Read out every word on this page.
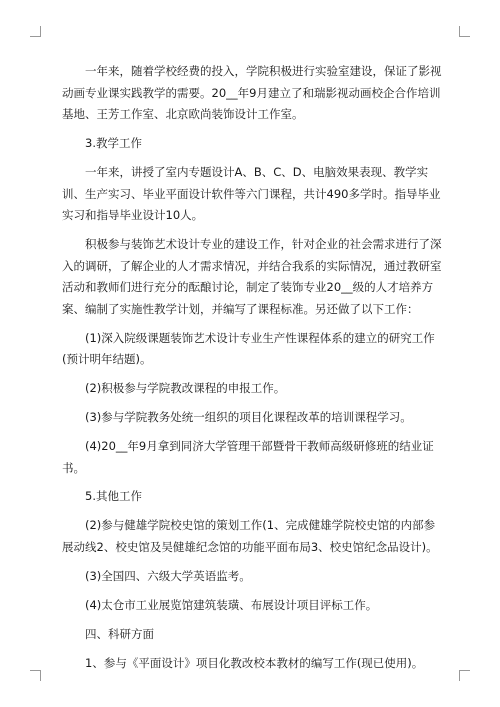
一年来，随着学校经费的投入，学院积极进行实验室建设，保证了影视动画专业课实践教学的需要。20__年9月建立了和瑞影视动画校企合作培训基地、王芳工作室、北京欧尚装饰设计工作室。

3.教学工作

一年来，讲授了室内专题设计A、B、C、D、电脑效果表现、教学实训、生产实习、毕业平面设计软件等六门课程，共计490多学时。指导毕业实习和指导毕业设计10人。

积极参与装饰艺术设计专业的建设工作，针对企业的社会需求进行了深入的调研，了解企业的人才需求情况，并结合我系的实际情况，通过教研室活动和教师们进行充分的酝酿讨论，制定了装饰专业20__级的人才培养方案、编制了实施性教学计划，并编写了课程标准。另还做了以下工作：

(1)深入院级课题装饰艺术设计专业生产性课程体系的建立的研究工作(预计明年结题)。

(2)积极参与学院教改课程的申报工作。

(3)参与学院教务处统一组织的项目化课程改革的培训课程学习。

(4)20__年9月拿到同济大学管理干部暨骨干教师高级研修班的结业证书。

5.其他工作

(2)参与健雄学院校史馆的策划工作(1、完成健雄学院校史馆的内部参展动线2、校史馆及吴健雄纪念馆的功能平面布局3、校史馆纪念品设计)。

(3)全国四、六级大学英语监考。

(4)太仓市工业展览馆建筑装璜、布展设计项目评标工作。

四、科研方面

1、参与《平面设计》项目化教改校本教材的编写工作(现已使用)。
